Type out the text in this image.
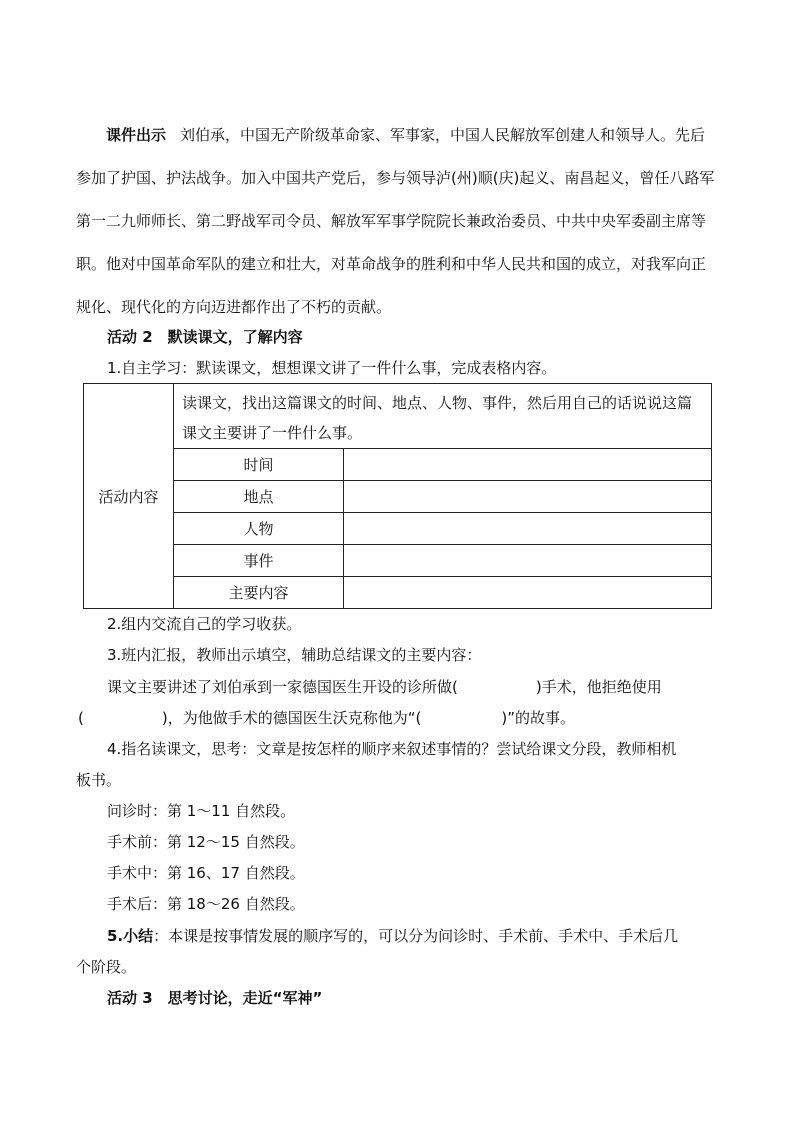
课件出示 刘伯承，中国无产阶级革命家、军事家，中国人民解放军创建人和领导人。先后参加了护国、护法战争。加入中国共产党后，参与领导泸(州)顺(庆)起义、南昌起义，曾任八路军第一二九师师长、第二野战军司令员、解放军军事学院院长兼政治委员、中共中央军委副主席等职。他对中国革命军队的建立和壮大，对革命战争的胜利和中华人民共和国的成立，对我军向正规化、现代化的方向迈进都作出了不朽的贡献。
活动 2　默读课文，了解内容
1.自主学习：默读课文，想想课文讲了一件什么事，完成表格内容。
活动内容	读课文，找出这篇课文的时间、地点、人物、事件，然后用自己的话说说这篇课文主要讲了一件什么事。	
	时间	
	地点	
	人物	
	事件	
	主要内容	
2.组内交流自己的学习收获。
3.班内汇报，教师出示填空，辅助总结课文的主要内容：
课文主要讲述了刘伯承到一家德国医生开设的诊所做(	)手术，他拒绝使用
(	)，为他做手术的德国医生沃克称他为“(	)”的故事。
4.指名读课文，思考：文章是按怎样的顺序来叙述事情的？尝试给课文分段，教师相机
板书。
问诊时：第 1～11 自然段。
手术前：第 12～15 自然段。
手术中：第 16、17 自然段。
手术后：第 18～26 自然段。
5.小结：本课是按事情发展的顺序写的，可以分为问诊时、手术前、手术中、手术后几
个阶段。
活动 3　思考讨论，走近“军神”
